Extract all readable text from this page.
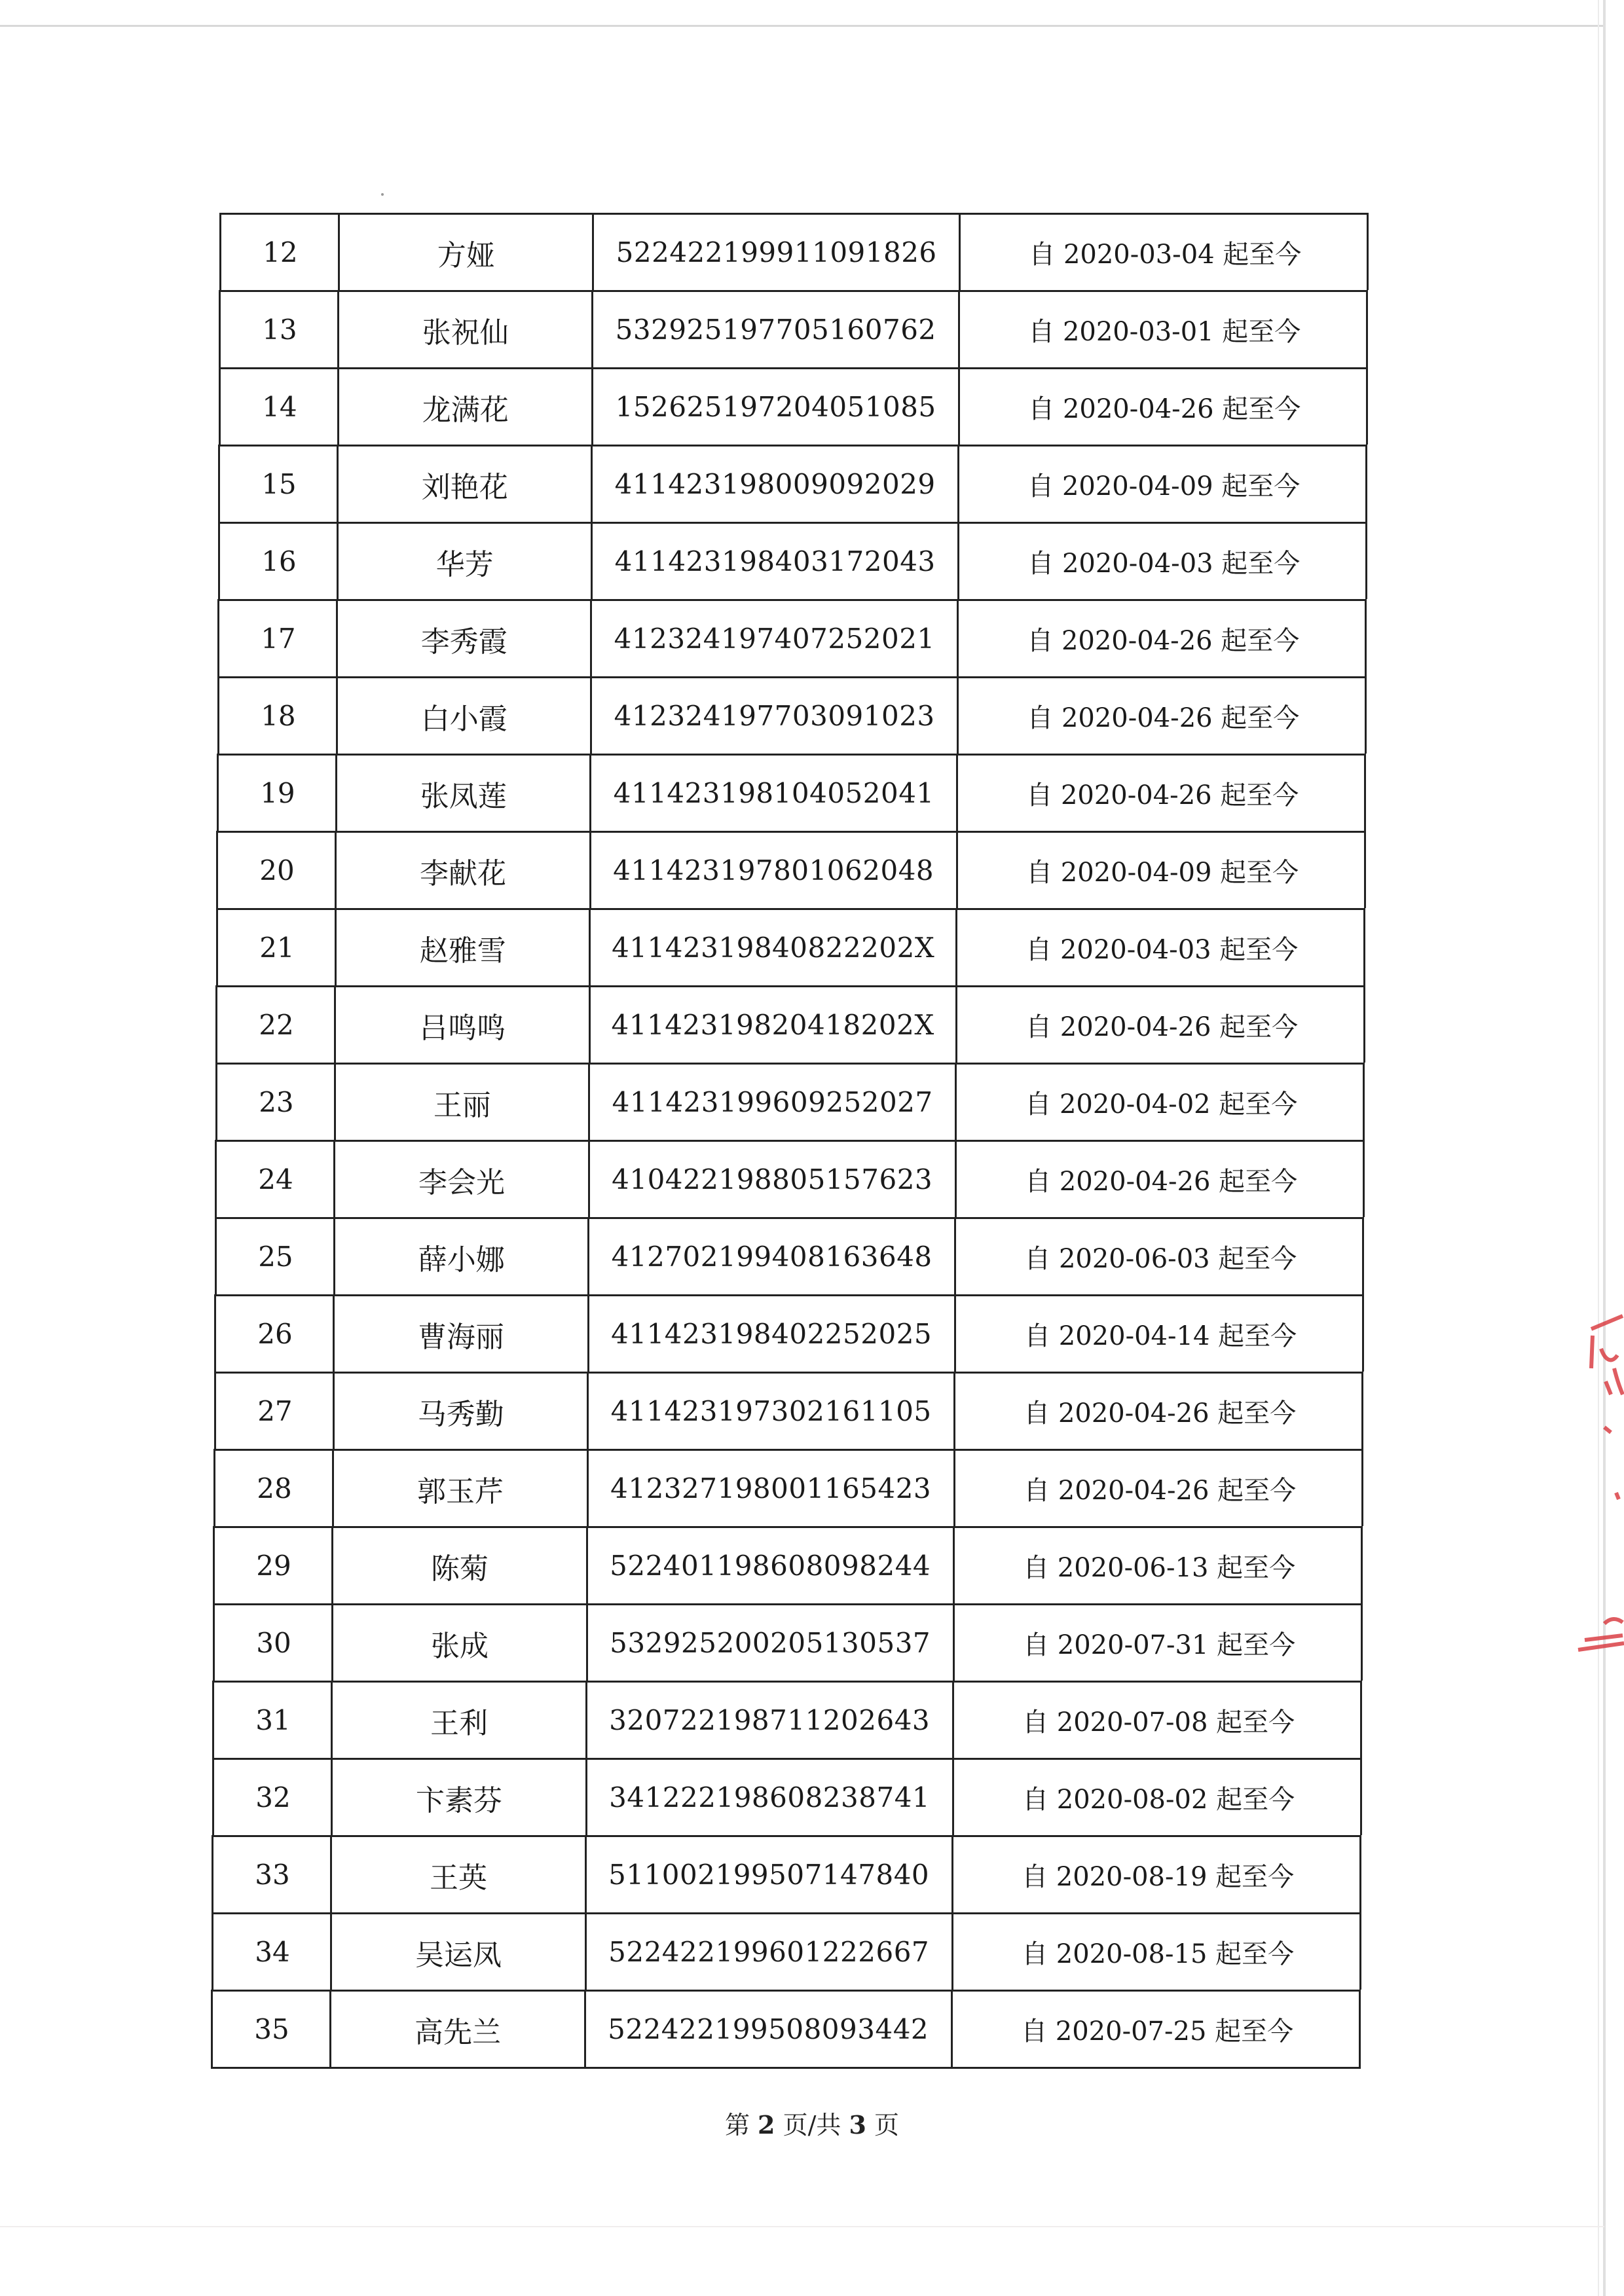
12	方娅	522422199911091826	自 2020-03-04 起至今
13	张祝仙	532925197705160762	自 2020-03-01 起至今
14	龙满花	152625197204051085	自 2020-04-26 起至今
15	刘艳花	411423198009092029	自 2020-04-09 起至今
16	华芳	411423198403172043	自 2020-04-03 起至今
17	李秀霞	412324197407252021	自 2020-04-26 起至今
18	白小霞	412324197703091023	自 2020-04-26 起至今
19	张凤莲	411423198104052041	自 2020-04-26 起至今
20	李献花	411423197801062048	自 2020-04-09 起至今
21	赵雅雪	41142319840822202X	自 2020-04-03 起至今
22	吕鸣鸣	41142319820418202X	自 2020-04-26 起至今
23	王丽	411423199609252027	自 2020-04-02 起至今
24	李会光	410422198805157623	自 2020-04-26 起至今
25	薛小娜	412702199408163648	自 2020-06-03 起至今
26	曹海丽	411423198402252025	自 2020-04-14 起至今
27	马秀勤	411423197302161105	自 2020-04-26 起至今
28	郭玉芹	412327198001165423	自 2020-04-26 起至今
29	陈菊	522401198608098244	自 2020-06-13 起至今
30	张成	532925200205130537	自 2020-07-31 起至今
31	王利	320722198711202643	自 2020-07-08 起至今
32	卞素芬	341222198608238741	自 2020-08-02 起至今
33	王英	511002199507147840	自 2020-08-19 起至今
34	吴运凤	522422199601222667	自 2020-08-15 起至今
35	高先兰	522422199508093442	自 2020-07-25 起至今
第 2 页/共 3 页
